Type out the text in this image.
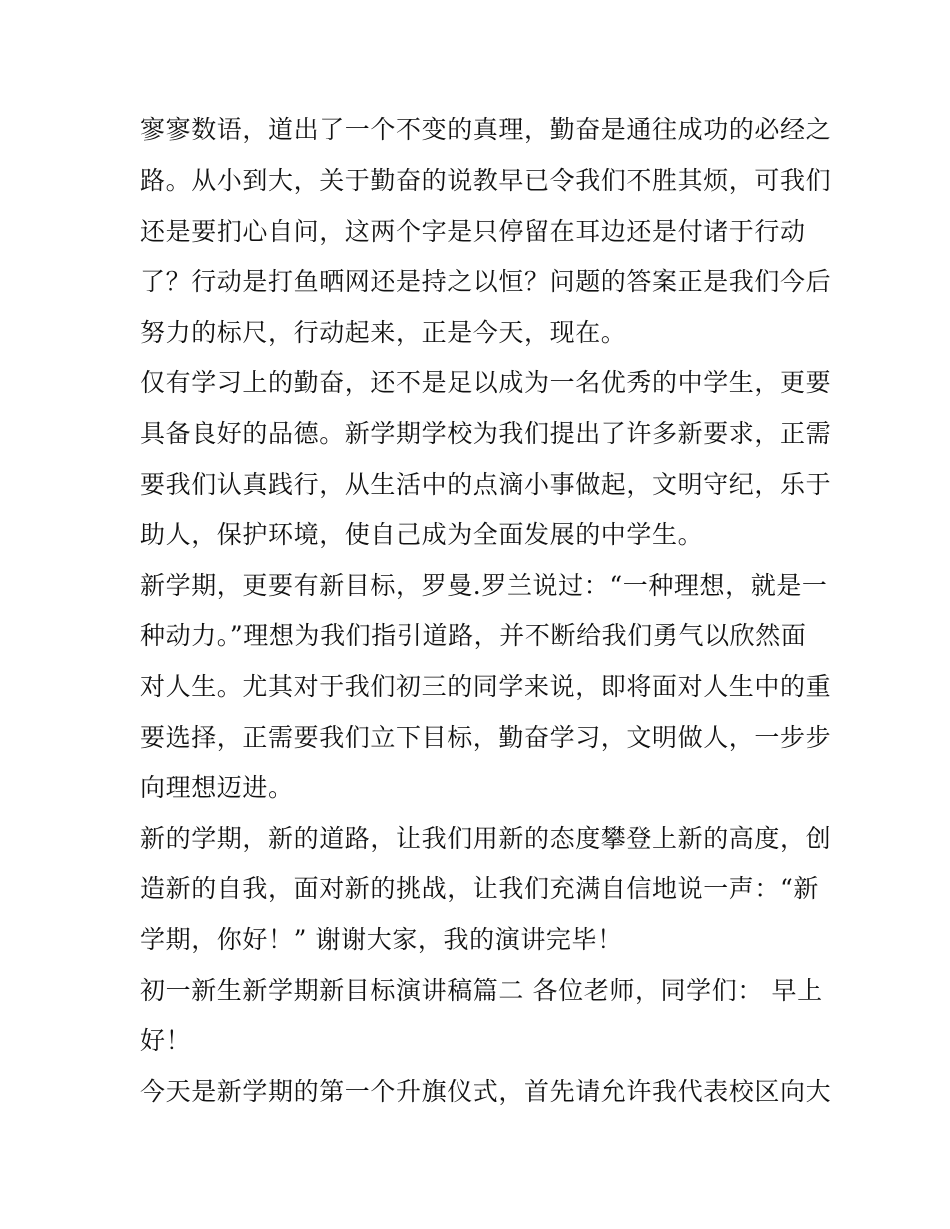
寥寥数语，道出了一个不变的真理，勤奋是通往成功的必经之
路。从小到大，关于勤奋的说教早已令我们不胜其烦，可我们
还是要扪心自问，这两个字是只停留在耳边还是付诸于行动
了？行动是打鱼晒网还是持之以恒？问题的答案正是我们今后
努力的标尺，行动起来，正是今天，现在。
仅有学习上的勤奋，还不是足以成为一名优秀的中学生，更要
具备良好的品德。新学期学校为我们提出了许多新要求，正需
要我们认真践行，从生活中的点滴小事做起，文明守纪，乐于
助人，保护环境，使自己成为全面发展的中学生。
新学期，更要有新目标，罗曼.罗兰说过：“一种理想，就是一
种动力。”理想为我们指引道路，并不断给我们勇气以欣然面
对人生。尤其对于我们初三的同学来说，即将面对人生中的重
要选择，正需要我们立下目标，勤奋学习，文明做人，一步步
向理想迈进。
新的学期，新的道路，让我们用新的态度攀登上新的高度，创
造新的自我，面对新的挑战，让我们充满自信地说一声：“新
学期，你好！” 谢谢大家，我的演讲完毕！
初一新生新学期新目标演讲稿篇二 各位老师，同学们： 早上
好！
今天是新学期的第一个升旗仪式，首先请允许我代表校区向大
